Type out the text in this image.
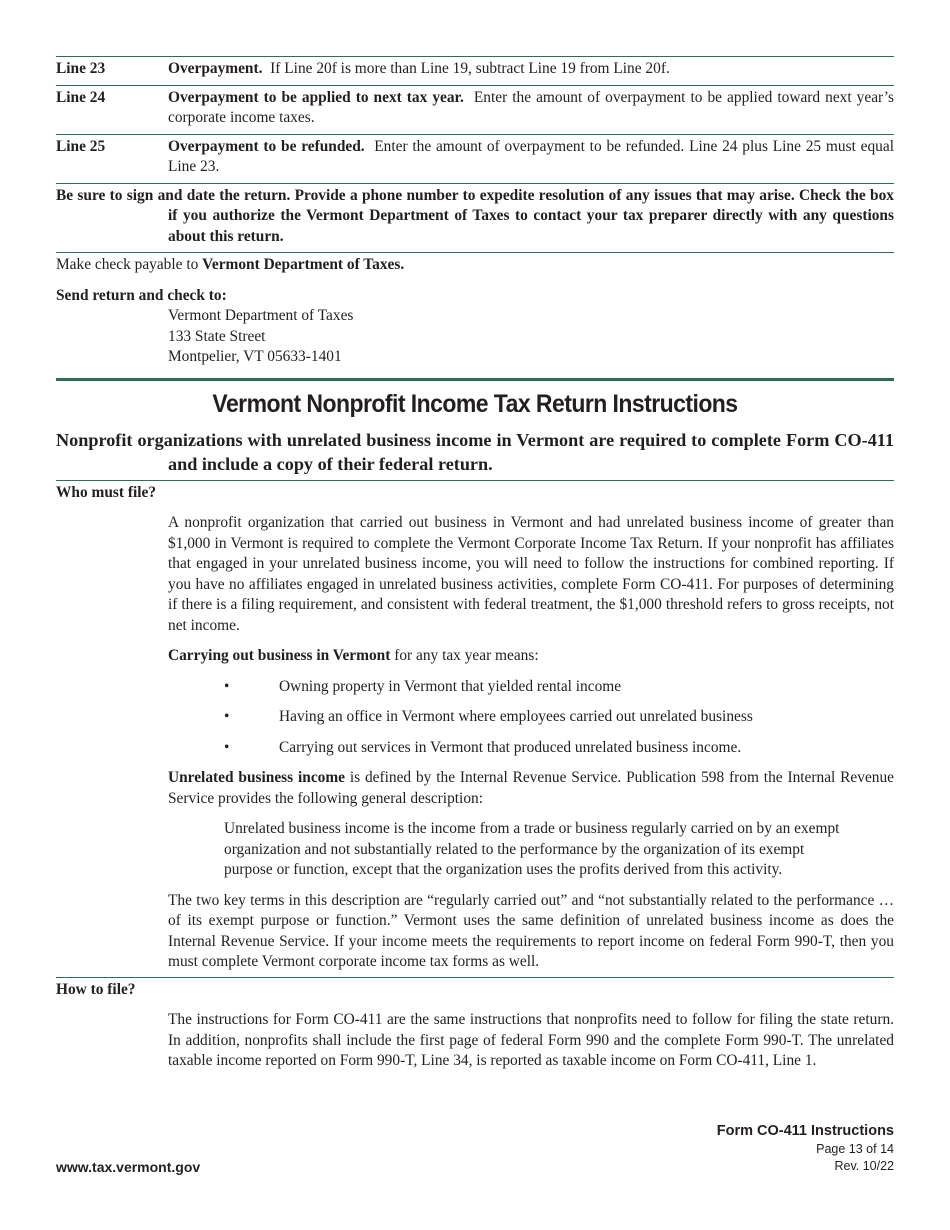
Line 23	Overpayment. If Line 20f is more than Line 19, subtract Line 19 from Line 20f.
Line 24	Overpayment to be applied to next tax year. Enter the amount of overpayment to be applied toward next year’s corporate income taxes.
Line 25	Overpayment to be refunded. Enter the amount of overpayment to be refunded. Line 24 plus Line 25 must equal Line 23.
Be sure to sign and date the return. Provide a phone number to expedite resolution of any issues that may arise. Check the box if you authorize the Vermont Department of Taxes to contact your tax preparer directly with any questions about this return.
Make check payable to Vermont Department of Taxes.
Send return and check to:
Vermont Department of Taxes
133 State Street
Montpelier, VT 05633-1401
Vermont Nonprofit Income Tax Return Instructions
Nonprofit organizations with unrelated business income in Vermont are required to complete Form CO-411 and include a copy of their federal return.
Who must file?

A nonprofit organization that carried out business in Vermont and had unrelated business income of greater than $1,000 in Vermont is required to complete the Vermont Corporate Income Tax Return. If your nonprofit has affiliates that engaged in your unrelated business income, you will need to follow the instructions for combined reporting. If you have no affiliates engaged in unrelated business activities, complete Form CO-411. For purposes of determining if there is a filing requirement, and consistent with federal treatment, the $1,000 threshold refers to gross receipts, not net income.

Carrying out business in Vermont for any tax year means:

•	Owning property in Vermont that yielded rental income
•	Having an office in Vermont where employees carried out unrelated business
•	Carrying out services in Vermont that produced unrelated business income.

Unrelated business income is defined by the Internal Revenue Service. Publication 598 from the Internal Revenue Service provides the following general description:

Unrelated business income is the income from a trade or business regularly carried on by an exempt organization and not substantially related to the performance by the organization of its exempt purpose or function, except that the organization uses the profits derived from this activity.

The two key terms in this description are “regularly carried out” and “not substantially related to the performance … of its exempt purpose or function.” Vermont uses the same definition of unrelated business income as does the Internal Revenue Service. If your income meets the requirements to report income on federal Form 990-T, then you must complete Vermont corporate income tax forms as well.

How to file?

The instructions for Form CO-411 are the same instructions that nonprofits need to follow for filing the state return. In addition, nonprofits shall include the first page of federal Form 990 and the complete Form 990-T. The unrelated taxable income reported on Form 990-T, Line 34, is reported as taxable income on Form CO-411, Line 1.

Form CO-411 Instructions
Page 13 of 14
Rev. 10/22
www.tax.vermont.gov
